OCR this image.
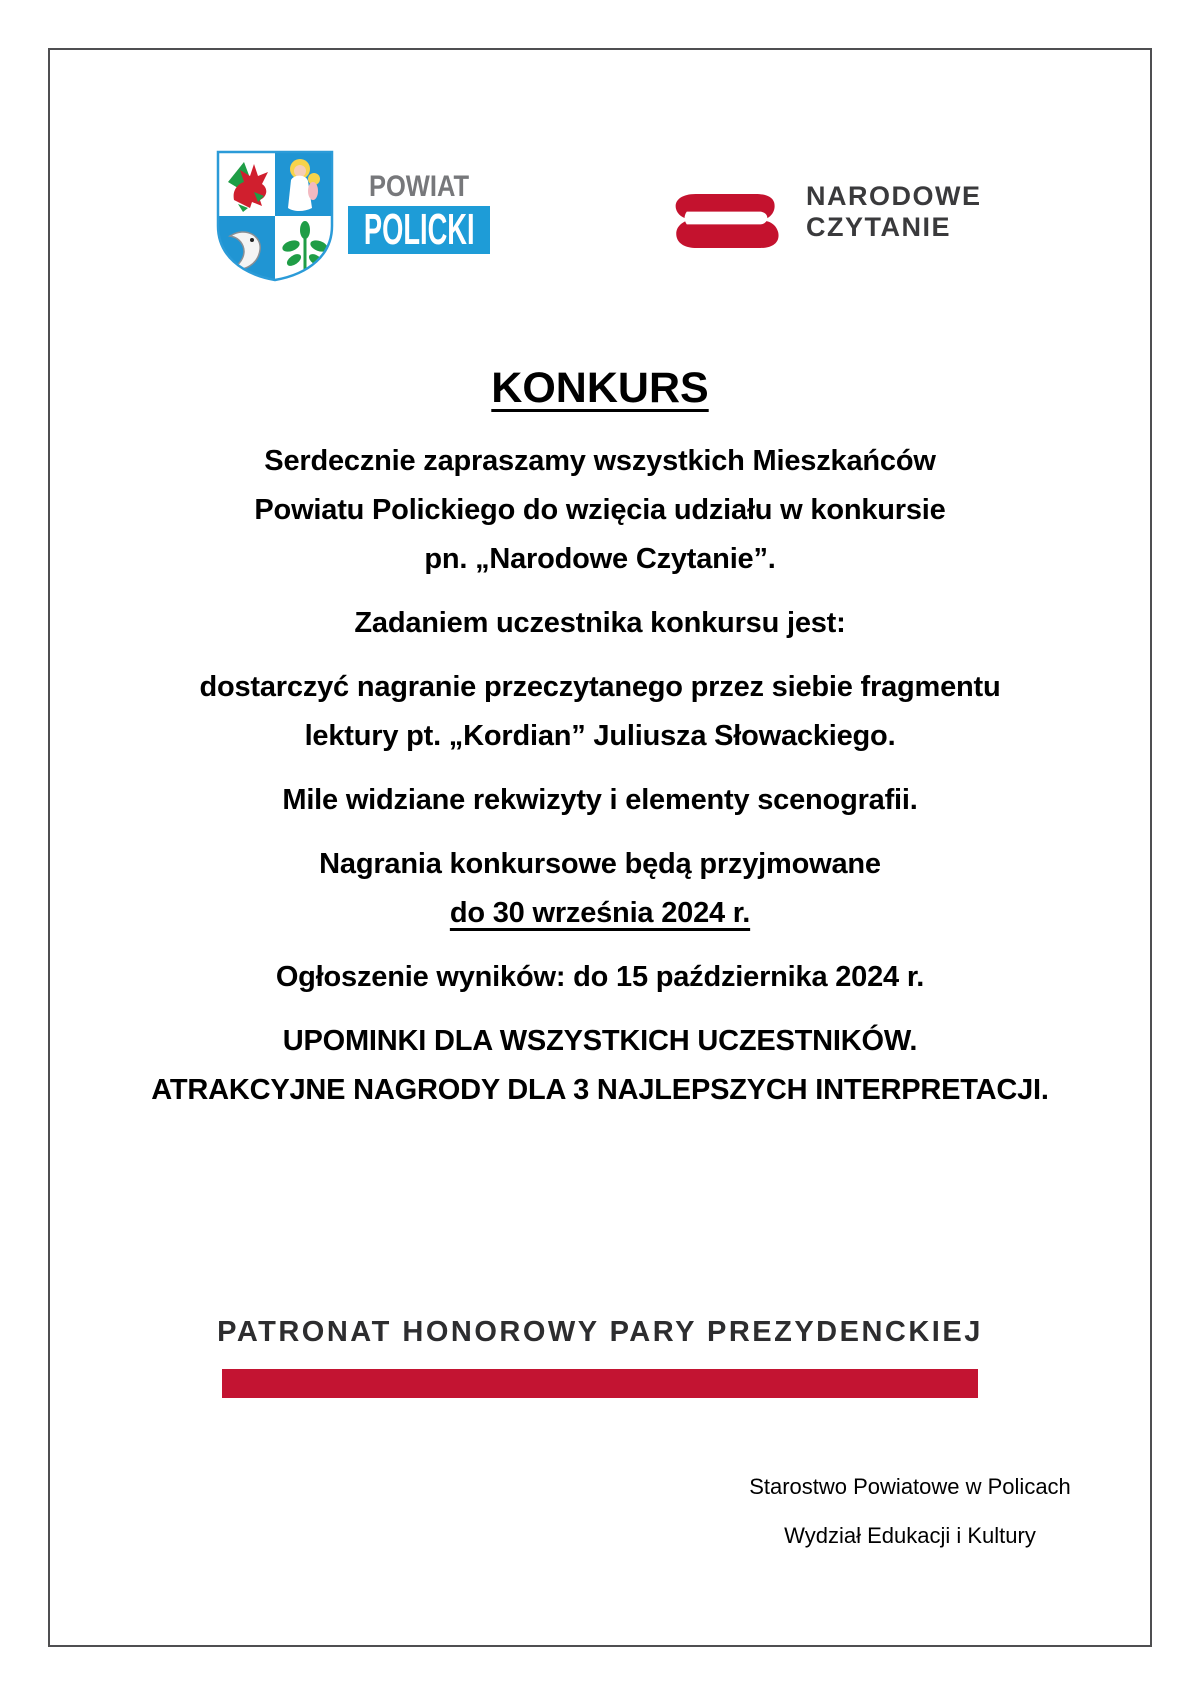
POWIAT
POLICKI
NARODOWE
CZYTANIE
KONKURS

Serdecznie zapraszamy wszystkich Mieszkańców
Powiatu Polickiego do wzięcia udziału w konkursie
pn. „Narodowe Czytanie”.

Zadaniem uczestnika konkursu jest:

dostarczyć nagranie przeczytanego przez siebie fragmentu
lektury pt. „Kordian” Juliusza Słowackiego.

Mile widziane rekwizyty i elementy scenografii.

Nagrania konkursowe będą przyjmowane
do 30 września 2024 r.

Ogłoszenie wyników: do 15 października 2024 r.

UPOMINKI DLA WSZYSTKICH UCZESTNIKÓW.
ATRAKCYJNE NAGRODY DLA 3 NAJLEPSZYCH INTERPRETACJI.

PATRONAT HONOROWY PARY PREZYDENCKIEJ
Starostwo Powiatowe w Policach
Wydział Edukacji i Kultury
